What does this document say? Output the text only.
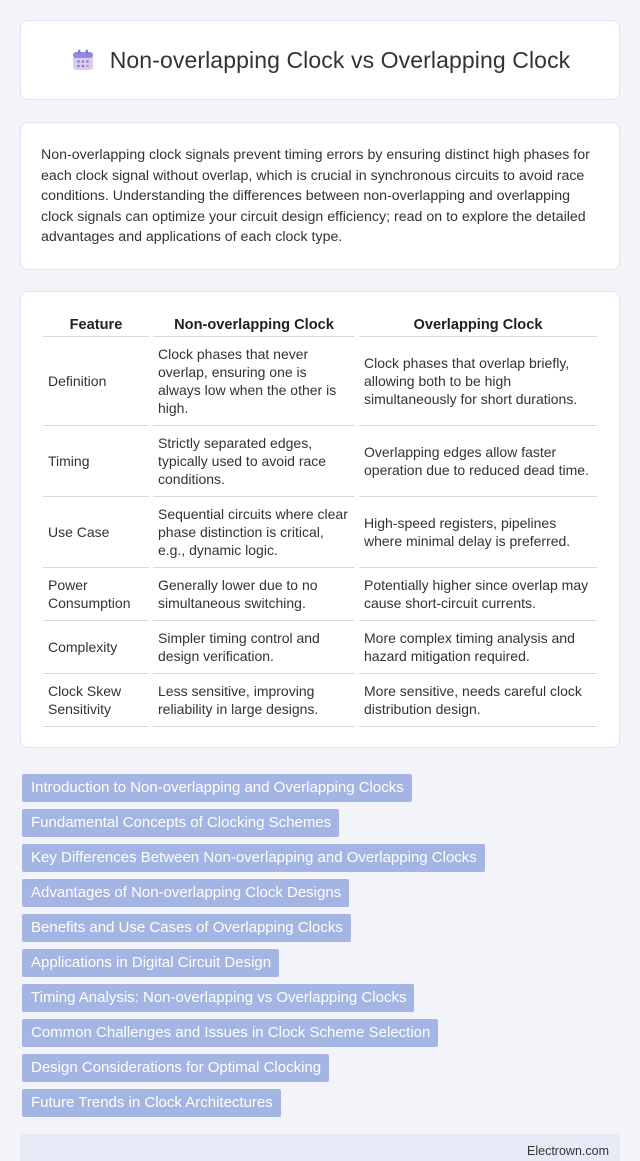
Non-overlapping Clock vs Overlapping Clock

Non-overlapping clock signals prevent timing errors by ensuring distinct high phases for each clock signal without overlap, which is crucial in synchronous circuits to avoid race conditions. Understanding the differences between non-overlapping and overlapping clock signals can optimize your circuit design efficiency; read on to explore the detailed advantages and applications of each clock type.

Feature	Non-overlapping Clock	Overlapping Clock
Definition	Clock phases that never overlap, ensuring one is always low when the other is high.	Clock phases that overlap briefly, allowing both to be high simultaneously for short durations.
Timing	Strictly separated edges, typically used to avoid race conditions.	Overlapping edges allow faster operation due to reduced dead time.
Use Case	Sequential circuits where clear phase distinction is critical, e.g., dynamic logic.	High-speed registers, pipelines where minimal delay is preferred.
Power Consumption	Generally lower due to no simultaneous switching.	Potentially higher since overlap may cause short-circuit currents.
Complexity	Simpler timing control and design verification.	More complex timing analysis and hazard mitigation required.
Clock Skew Sensitivity	Less sensitive, improving reliability in large designs.	More sensitive, needs careful clock distribution design.
Introduction to Non-overlapping and Overlapping Clocks
Fundamental Concepts of Clocking Schemes
Key Differences Between Non-overlapping and Overlapping Clocks
Advantages of Non-overlapping Clock Designs
Benefits and Use Cases of Overlapping Clocks
Applications in Digital Circuit Design
Timing Analysis: Non-overlapping vs Overlapping Clocks
Common Challenges and Issues in Clock Scheme Selection
Design Considerations for Optimal Clocking
Future Trends in Clock Architectures
Electrown.com
